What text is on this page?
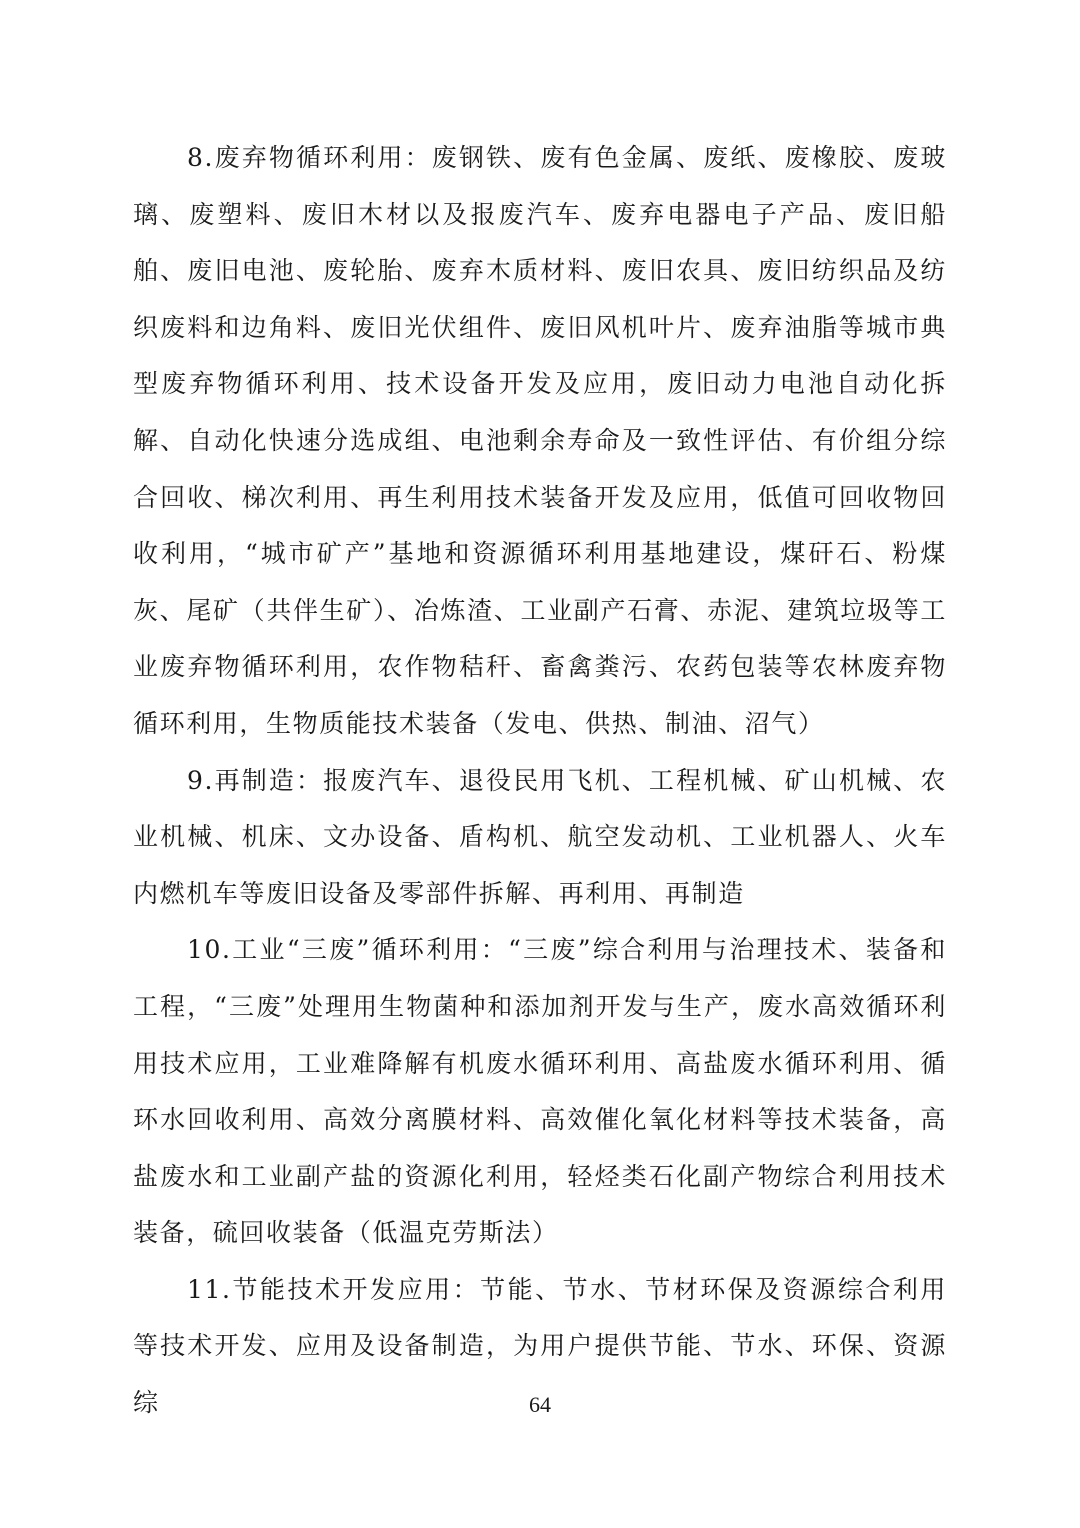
8.废弃物循环利用：废钢铁、废有色金属、废纸、废橡胶、废玻璃、废塑料、废旧木材以及报废汽车、废弃电器电子产品、废旧船舶、废旧电池、废轮胎、废弃木质材料、废旧农具、废旧纺织品及纺织废料和边角料、废旧光伏组件、废旧风机叶片、废弃油脂等城市典型废弃物循环利用、技术设备开发及应用，废旧动力电池自动化拆解、自动化快速分选成组、电池剩余寿命及一致性评估、有价组分综合回收、梯次利用、再生利用技术装备开发及应用，低值可回收物回收利用，“城市矿产”基地和资源循环利用基地建设，煤矸石、粉煤灰、尾矿（共伴生矿）、冶炼渣、工业副产石膏、赤泥、建筑垃圾等工业废弃物循环利用，农作物秸秆、畜禽粪污、农药包装等农林废弃物循环利用，生物质能技术装备（发电、供热、制油、沼气）

9.再制造：报废汽车、退役民用飞机、工程机械、矿山机械、农业机械、机床、文办设备、盾构机、航空发动机、工业机器人、火车内燃机车等废旧设备及零部件拆解、再利用、再制造

10.工业“三废”循环利用：“三废”综合利用与治理技术、装备和工程，“三废”处理用生物菌种和添加剂开发与生产，废水高效循环利用技术应用，工业难降解有机废水循环利用、高盐废水循环利用、循环水回收利用、高效分离膜材料、高效催化氧化材料等技术装备，高盐废水和工业副产盐的资源化利用，轻烃类石化副产物综合利用技术装备，硫回收装备（低温克劳斯法）

11.节能技术开发应用：节能、节水、节材环保及资源综合利用等技术开发、应用及设备制造，为用户提供节能、节水、环保、资源综	64
